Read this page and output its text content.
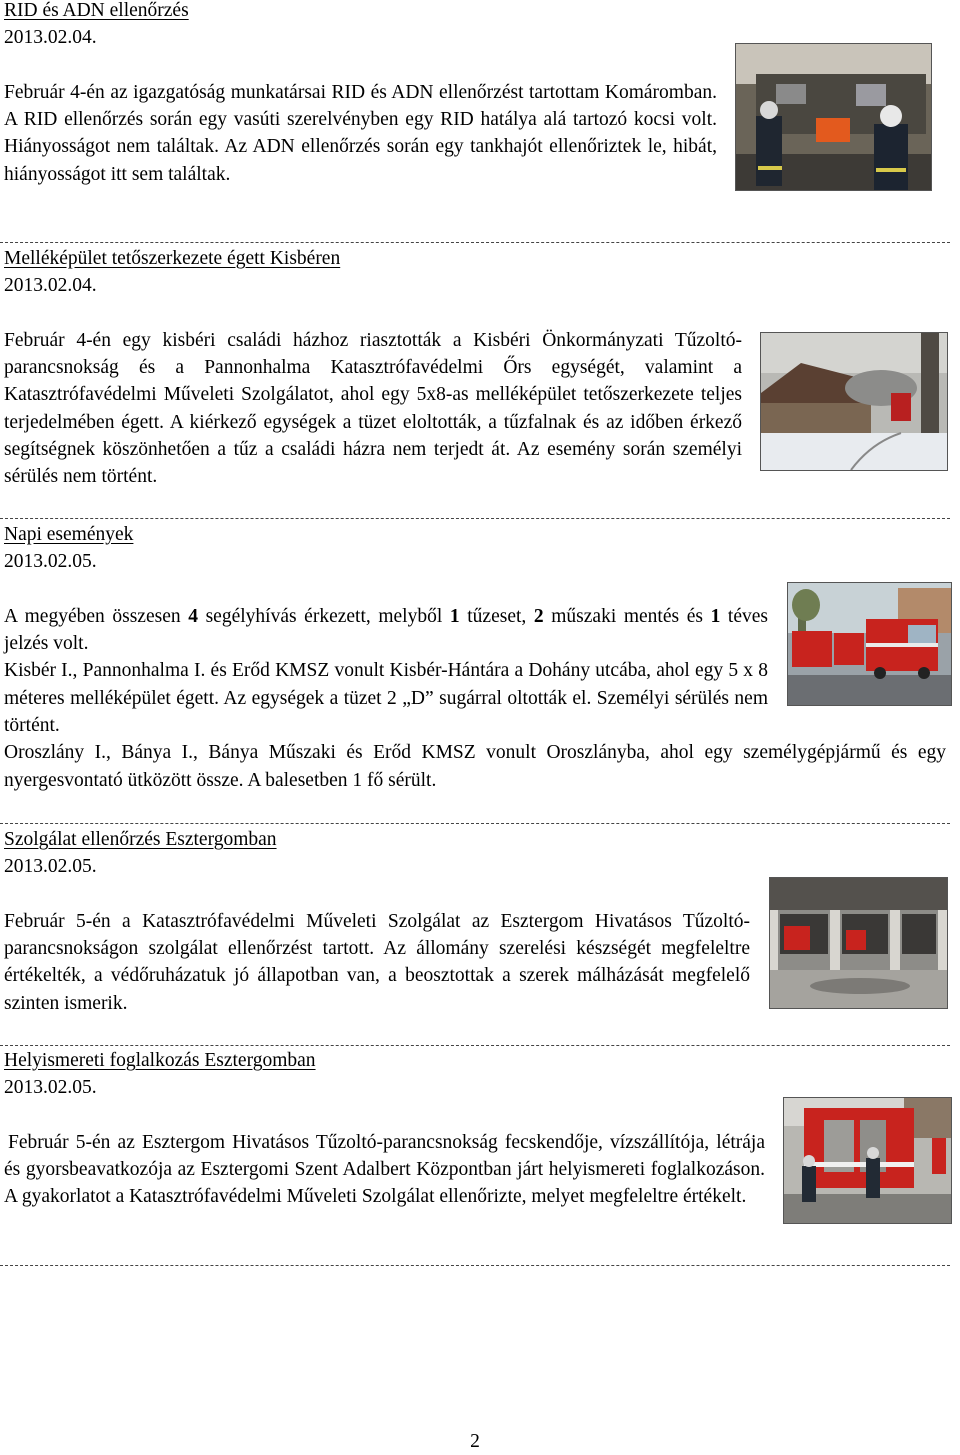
RID és ADN ellenőrzés
2013.02.04.

Február 4-én az igazgatóság munkatársai RID és ADN ellenőrzést tartottam Komáromban. A RID ellenőrzés során egy vasúti szerelvényben egy RID hatálya alá tartozó kocsi volt. Hiányosságot nem találtak. Az ADN ellenőrzés során egy tankhajót ellenőriztek le, hibát, hiányosságot itt sem találtak.

Melléképület tetőszerkezete égett Kisbéren
2013.02.04.

Február 4-én egy kisbéri családi házhoz riasztották a Kisbéri Önkormányzati Tűzoltó-parancsnokság és a Pannonhalma Katasztrófavédelmi Őrs egységét, valamint a Katasztrófavédelmi Műveleti Szolgálatot, ahol egy 5x8-as melléképület tetőszerkezete teljes terjedelmében égett. A kiérkező egységek a tüzet eloltották, a tűzfalnak és az időben érkező segítségnek köszönhetően a tűz a családi házra nem terjedt át. Az esemény során személyi sérülés nem történt.

Napi események
2013.02.05.

A megyében összesen 4 segélyhívás érkezett, melyből 1 tűzeset, 2 műszaki mentés és 1 téves jelzés volt.

Kisbér I., Pannonhalma I. és Erőd KMSZ vonult Kisbér-Hántára a Dohány utcába, ahol egy 5 x 8 méteres melléképület égett. Az egységek a tüzet 2 „D” sugárral oltották el. Személyi sérülés nem történt.

Oroszlány I., Bánya I., Bánya Műszaki és Erőd KMSZ vonult Oroszlányba, ahol egy személygépjármű és egy nyergesvontató ütközött össze. A balesetben 1 fő sérült.

Szolgálat ellenőrzés Esztergomban
2013.02.05.

Február 5-én a Katasztrófavédelmi Műveleti Szolgálat az Esztergom Hivatásos Tűzoltó-parancsnokságon szolgálat ellenőrzést tartott. Az állomány szerelési készségét megfeleltre értékelték, a védőruházatuk jó állapotban van, a beosztottak a szerek málházását megfelelő szinten ismerik.

Helyismereti foglalkozás Esztergomban
2013.02.05.

Február 5-én az Esztergom Hivatásos Tűzoltó-parancsnokság fecskendője, vízszállítója, létrája és gyorsbeavatkozója az Esztergomi Szent Adalbert Központban járt helyismereti foglalkozáson. A gyakorlatot a Katasztrófavédelmi Műveleti Szolgálat ellenőrizte, melyet megfeleltre értékelt.

2
